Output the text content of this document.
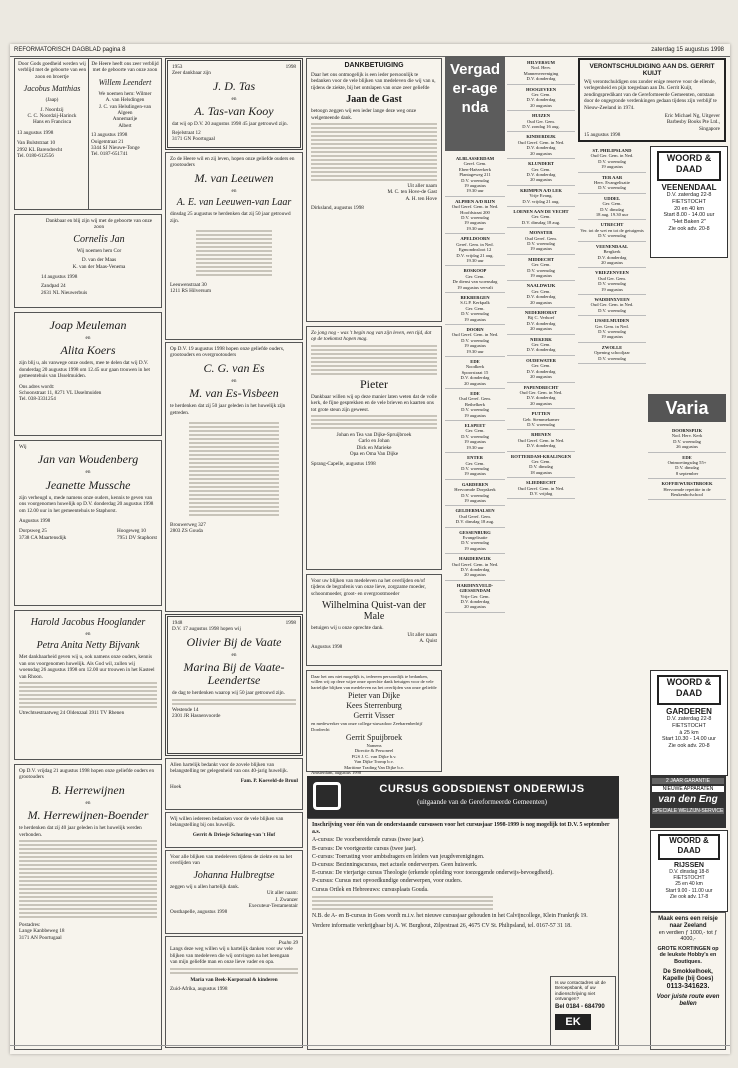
REFORMATORISCH DAGBLAD pagina 8	zaterdag 15 augustus 1998
Door Gods goedheid werden wij verblijd met de geboorte van een zoon en broertje
Jacobus Matthias
(Jaap)
J. Noordzij
C. C. Noordzij-Harinck
Hans en Francisca
13 augustus 1998
Van Bulststraat 10
2992 KL Barendrecht
Tel. 0180-612556
De Heere heeft ons zeer verblijd met de geboorte van onze zoon
Willem Leendert
We noemen hem: Wilmer
A. van Helsdingen
J. C. van Helsdingen-van Algeen
Annemarije
Albert
13 augustus 1998
Ooigemtraat 21
3344 SJ Nieuwe-Tonge
Tel. 0187-651741
Dankbaar en blij zijn wij met de geboorte van onze zoon
Cornelis Jan
Wij noemen hem Cor
D. van der Maas
K. van der Maas-Venema
14 augustus 1998
Zandpad 24
2631 NL Nieuwerbuis
Joap Meuleman
en
Alita Koers
zijn blij u, als vanwege onze ouders, mee te delen dat wij D.V. donderdag 20 augustus 1998 om 12.45 uur gaan trouwen in het gemeentehuis van IJsselmuiden.
Ons adres wordt:
Schoonstraat 11, 8271 VL IJsselmuiden
Tel. 038-3331254
Wij
Jan van Woudenberg
en
Jeanette Mussche
zijn verheugd u, mede namens onze ouders, kennis te geven van ons voorgenomen huwelijk op D.V. donderdag 20 augustus 1998 om 12.00 uur in het gemeentehuis te Staphorst.
Augustus 1998
Dorpsweg 25
3738 CA Maartensdijk
Hoogeweg 10
7951 DV Staphorst
Harold Jacobus Hooglander
en
Petra Anita Netty Bijvank
Met dankbaarheid geven wij u, ook namens onze ouders, kennis van ons voorgenomen huwelijk. Als God wil, zullen wij woensdag 26 augustus 1998 om 12.00 uur trouwen in het Kasteel van Rhoon.
Utrechtsestraatweg 24 Oldenzaal 3911 TV Rhenen
Op D.V. vrijdag 21 augustus 1998 hopen onze geliefde ouders en grootouders
B. Herrewijnen
en
M. Herrewijnen-Boender
te herdenken dat zij 40 jaar geleden in het huwelijk werden verbonden.
Postadres:
Lange Kanbbeweg 18
3171 AN Poortugaal
1953	1998
Zeer dankbaar zijn
J. D. Tas
en
A. Tas-van Kooy
dat wij op D.V. 20 augustus 1998 45 jaar getrouwd zijn.
Rejelstraat 12
3171 GN Poortugaal
Zo de Heere wil en zij leven, hopen onze geliefde ouders en grootouders
M. van Leeuwen
en
A. E. van Leeuwen-van Laar
dinsdag 25 augustus te herdenken dat zij 50 jaar getrouwd zijn.
Leeuwenstraat 30
1211 RS Hilversum
Op D.V. 19 augustus 1998 hopen onze geliefde ouders, grootouders en overgrootouders
C. G. van Es
en
M. van Es-Visbeen
te herdenken dat zij 50 jaar geleden in het huwelijk zijn getreden.
Brouwerweg 327
2803 ZS Gouda
1948	1998
D.V. 17 augustus 1998 hopen wij
Olivier Bij de Vaate
en
Marina Bij de Vaate-Leendertse
de dag te herdenken waarop wij 50 jaar getrouwd zijn.
Westende 14
2301 JR Hasnenvoorde
Allen hartelijk bedankt voor de zovele blijken van belangstelling ter gelegenheid van ons 40-jarig huwelijk.
Fam. P. Koeveld-de Bruul
Hoek
Wij willen iedereen bedanken voor de vele blijken van belangstelling bij ons huwelijk.
Gerrit & Driesje Schuring-van 't Hof
Voor alle blijken van medeleven tijdens de ziekte en na het overlijden van
Johanna Hulbregtse
zeggen wij u allen hartelijk dank.
Uit aller naam:
J. Zwanzer
Executeur-Testamentair
Oosthapelle, augustus 1998
Psalm 39
Langs deze weg willen wij u hartelijk danken voor uw vele blijken van medeleven die wij ontvingen na het heengaan van mijn geliefde man en onze lieve vader en opa.
Maria van Beek-Korporaal & kinderen
Zuid-Afrika, augustus 1998
DANKBETUIGING
Daar het ons ontmogelijk is een ieder persoonlijk te bedanken voor de vele blijken van medeleven die wij van u, tijdens de ziekte, bij het ontslapen van onze zeer geliefde
Jaan de Gast
betoogn zeggen wij een ieder lange deze weg onze welgemeende dank.
Uit aller naam
M. C. ten Hove-de Gast
A. H. ten Hove
Dirksland, augustus 1998
Zo jong nog - was 't begin nog van zijn leven, een tijd, dat op de toekomst hopen mag.
Pieter
Dankbaar willen wij op deze manier laten weten dat de volle kerk, de fijne gesprekken en de vele brieven en kaarten ons tot grote steun zijn geweest.
Johan en Tea van Dijke-Spruijbroek
Carlo en Johan
Dick en Marieke
Opa en Oma Van Dijke
Sprang-Capelle, augustus 1998
Voor uw blijken van medeleven na het overlijden en/of tijdens de begrafenis van onze lieve, zorgzame moeder, schoonmoeder, groot- en overgrootmoeder
Wilhelmina Quist-van der Male
betuigen wij u onze oprechte dank.
Uit aller naam
A. Quist
Augustus 1998
Daar het ons niet mogelijk is, iedereen persoonlijk te bedanken, willen wij op deze wijze onze oprechte dank betuigen voor de vele hartelijke blijken van medeleven na het overlijden van onze geliefde
Pieter van Dijke
Kees Sterrenburg
Gerrit Visser
en medewerker van onze collega-stuwadoor Zeebarenbedrijf Dordrecht
Gerrit Spuijbroek
Namens
Directie & Personeel
FGS J. C. van Dijke b.v.
Van Dijke Tromp b.v.
Maritime Trading Van Dijke b.v.
Amsterdam, augustus 1998
Vergader-agenda
ALBLASSERDAM
Geref. Gem.
Eben-Haëzerkerk
Plantageweg 211
D.V. woensdag
19 augustus
19.30 uur
ALPHEN A/D RIJN
Oud Geref. Gem. in Ned.
Hoofdstraat 200
D.V. woensdag
19 augustus
19.30 uur
APELDOORN
Geref. Gem. in Ned.
Egmondnsloot 12
D.V. vrijdag 21 aug.
19.30 uur
BOSKOOP
Ger. Gem.
De dienst van woensdag
19 augustus vervalt
BEKBERGEN
S.G.P. Kerkpalk
Ger. Gem.
D.V. woensdag
19 augustus
DOORN
Oud Geref. Gem. in Ned.
D.V. woensdag
19 augustus
19.30 uur
EDE
Noodkerk
Spoorstraat 15
D.V. donderdag
20 augustus
EDE
Oud Geref. Gem.
Bethelkerk
D.V. woensdag
19 augustus
ELSPEET
Ger. Gem.
D.V. woensdag
19 augustus
19.30 uur
ENTER
Ger. Gem.
D.V. woensdag
19 augustus
GARDEREN
Hervormde Dorpskerk
D.V. woensdag
19 augustus
GELDERMALSEN
Oud Geref. Gem.
D.V. dinsdag 18 aug.
GESSENBURG
Evangelisatie
D.V. woensdag
19 augustus
HARDERWIJK
Oud Geref. Gem. in Ned.
D.V. donderdag
20 augustus
HARDINXVELD-GIESSENDAM
Vrije Ger. Gem.
D.V. donderdag
20 augustus
HILVERSUM
Nod. Herv.
Mannenvereniging
D.V. donderdag
HOOGEVEEN
Ger. Gem.
D.V. donderdag
20 augustus
HUIZEN
Oud Ger. Gem.
D.V. zondag 16 aug.
KINDERDIJK
Oud Geref. Gem. in Ned.
D.V. donderdag
20 augustus
KLUNDERT
Ger. Gem.
D.V. donderdag
20 augustus
KRIMPEN A/D LEK
Vrije Evang.
D.V. vrijdag 21 aug.
LOENEN AAN DE VECHT
Ger. Gem.
D.V. dinsdag 18 aug.
MONSTER
Oud Geref. Gem.
D.V. woensdag
19 augustus
MIDDECHT
Ger. Gem.
D.V. woensdag
19 augustus
NAALDWIJK
Ger. Gem.
D.V. donderdag
20 augustus
NEDERHORST
Bij C. Verhoef
D.V. donderdag
20 augustus
NIEKERK
Ger. Gem.
D.V. donderdag
OUDEWATER
Ger. Gem.
D.V. donderdag
20 augustus
PAPENDRECHT
Oud Ger. Gem. in Ned.
D.V. donderdag
20 augustus
PUTTEN
Geb. Stemmekamer
D.V. woensdag
RHENEN
Oud Geref. Gem. in Ned.
D.V. donderdag
ROTTERDAM-KRALINGEN
Ger. Gem.
D.V. dinsdag
18 augustus
SLIEDRECHT
Oud Geref. Gem. in Ned.
D.V. vrijdag
VERONTSCHULDIGING AAN DS. GERRIT KUIJT
Wij verontschuldigen ons zonder enige reserve voor de ellende, verlegenheid en pijn toegedaan aan Ds. Gerrit Kuijt, zendingspredikant van de Gereformeerde Gemeenten, ontstaan door de ongegronde verdenkingen gedaan tijdens zijn verblijf te Nieuw-Zeeland in 1974.
Eric Michael Ng, Uitgever
Barbesby Books Pte Ltd.,
Singapore
15 augustus 1998
ST. PHILIPSLAND
Oud Ger. Gem. in Ned.
D.V. woensdag
19 augustus
TER AAR
Herv. Evangelisatie
D.V. woensdag
UDDEL
Ger. Gem.
D.V. dinsdag
18 aug. 19.30 uur
UTRECHT
Ver. tot de wet en tot de getuigenis
D.V. woensdag
VEENENDAAL
Bergkerk
D.V. donderdag
20 augustus
VRIEZENVEEN
Oud Ger. Gem.
D.V. woensdag
19 augustus
WADDINXVEEN
Oud Ger. Gem. in Ned.
D.V. woensdag
IJSSELMUIDEN
Ger. Gem. in Ned.
D.V. woensdag
19 augustus
ZWOLLE
Opening schooljaar
D.V. woensdag
WOORD & DAAD
VEENENDAAL
D.V. zaterdag 22-8
FIETSTOCHT
20 en 40 km
Start 8.00 - 14.00 uur
"Het Baken 2"
Zie ook adv. 20-8
Varia
DOORNSPIJK
Nod. Herv. Kerk
D.V. woensdag
26 augustus
EDE
Ontmoetingsdag 55+
D.V. dinsdag
8 september
KOFFIEWURSTBROEK
Hervormde repetitie in de Beukenhofschool
WOORD & DAAD
GARDEREN
D.V. zaterdag 22-8
FIETSTOCHT
à 25 km
Start 10.30 - 14.00 uur
Zie ook adv. 20-8
2 JAAR GARANTIE
NIEUWE APPARATEN
van den Eng
SPECIALE WELZIJN-SERVICE
WOORD & DAAD
RIJSSEN
D.V. dinsdag 18-8
FIETSTOCHT
25 en 40 km
Start 9.00 - 11.00 uur
Zie ook adv. 17-8
Maak eens een reisje naar Zeeland
en verdien ƒ 1000,- tot ƒ 4000,-
GROTE KORTINGEN op de leukste Hobby's en Boutiques.
De Smokkelhoek, Kapelle (bij Goes)
0113-341623.
Voor juiste route even bellen
CURSUS GODSDIENST ONDERWIJS
(uitgaande van de Gereformeerde Gemeenten)
Inschrijving voor één van de onderstaande cursussen voor het cursusjaar 1998-1999 is nog mogelijk tot D.V. 5 september a.s.
A-cursus: De voorbereidende cursus (twee jaar).
B-cursus: De voortgezette cursus (twee jaar).
C-cursus: Toerusting voor ambtsdragers en leiders van jeugdverenigingen.
D-cursus: Bezinningscursus, met actuele onderwerpen. Geen huiswerk.
E-cursus: De vierjarige cursus Theologie (erkende opleiding voor toezeggende onderwijs-bevoegdheid).
P-cursus: Cursus met opvoedkundige onderwerpen, voor ouders.
Cursus Ortlek en Hebreeuws: cursusplaats Gouda.
N.B. de A- en B-cursus in Goes wordt m.i.v. het nieuwe cursusjaar gehouden in het Calvijncollege, Klein Frankrijk 19.
Verdere informatie verkrijgbaar bij A. W. Burghout, Zilpestraat 26, 4675 CV St. Philipsland, tel. 0167-57 31 18.
Is uw contactadres uit de Beroepsbank, of uw indienschrijving niet ontvangen?
Bel 0184 - 684790
EK
